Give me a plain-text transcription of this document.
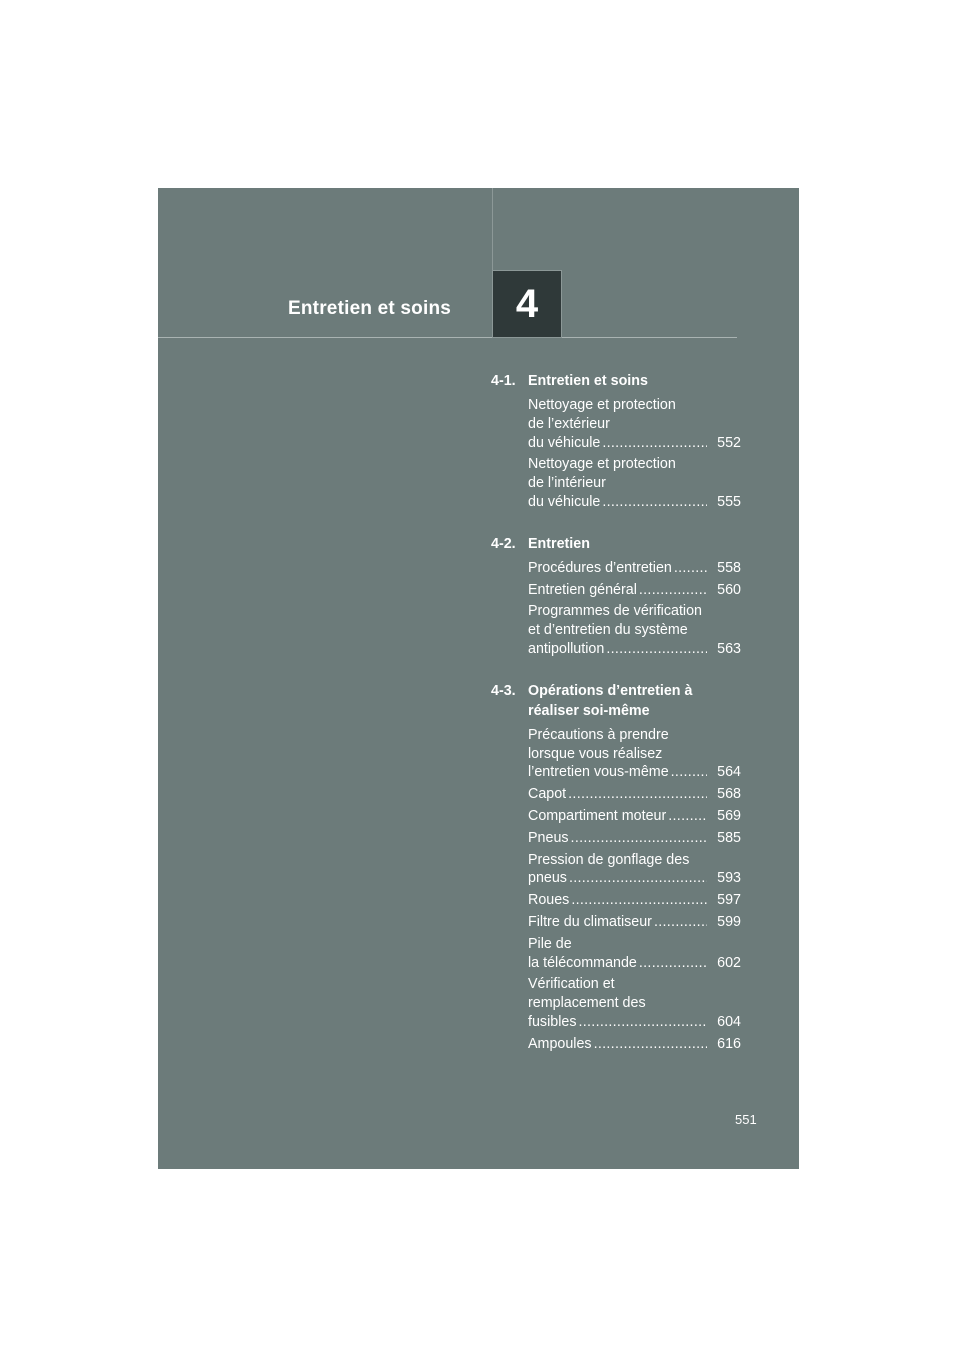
Entretien et soins 4
4-1. Entretien et soins
Nettoyage et protection
de l’extérieur
du véhicule .....	552
Nettoyage et protection
de l’intérieur
du véhicule .....	555
4-2. Entretien
Procédures d’entretien .....	558
Entretien général .....	560
Programmes de vérification
et d’entretien du système
antipollution .....	563
4-3. Opérations d’entretien à
réaliser soi-même
Précautions à prendre
lorsque vous réalisez
l’entretien vous-même .....	564
Capot .....	568
Compartiment moteur .....	569
Pneus .....	585
Pression de gonflage des
pneus .....	593
Roues .....	597
Filtre du climatiseur .....	599
Pile de
la télécommande .....	602
Vérification et
remplacement des
fusibles .....	604
Ampoules .....	616
551
